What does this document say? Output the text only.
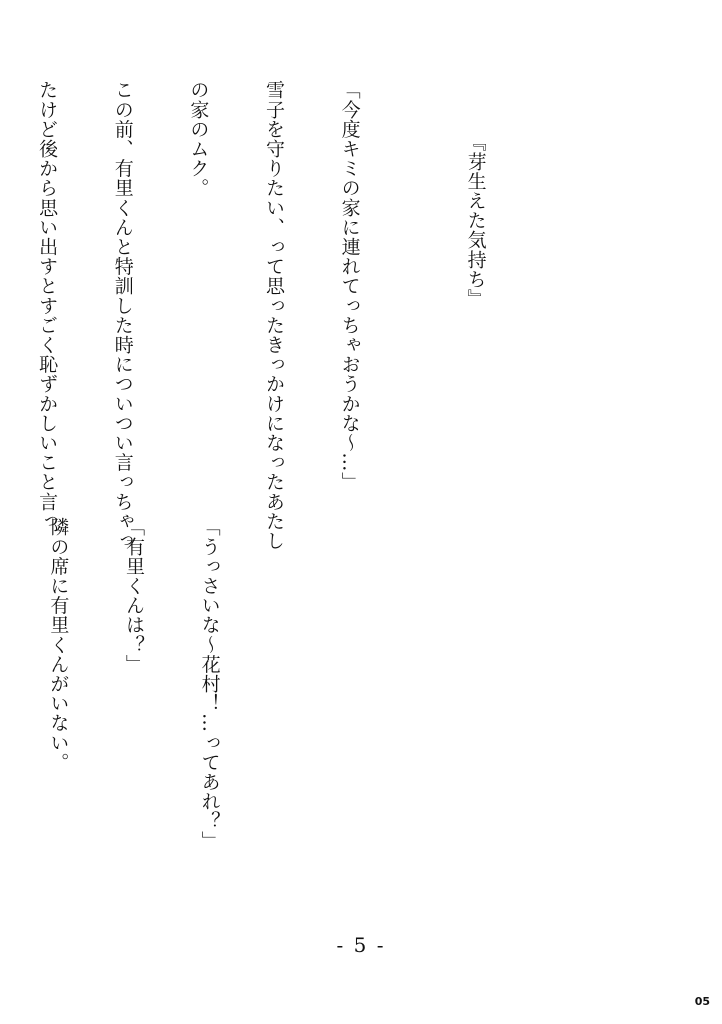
『芽生えた気持ち』

「今度キミの家に連れてっちゃおうかな～…」

雪子を守りたい、って思ったきっかけになったあたし

の家のムク。

この前、有里くんと特訓した時についつい言っちゃっ

たけど後から思い出すとすごく恥ずかしいこと言っ

「うっさいな～花村！…ってあれ？」

「有里くんは？」

隣の席に有里くんがいない。

- 5 -
05
